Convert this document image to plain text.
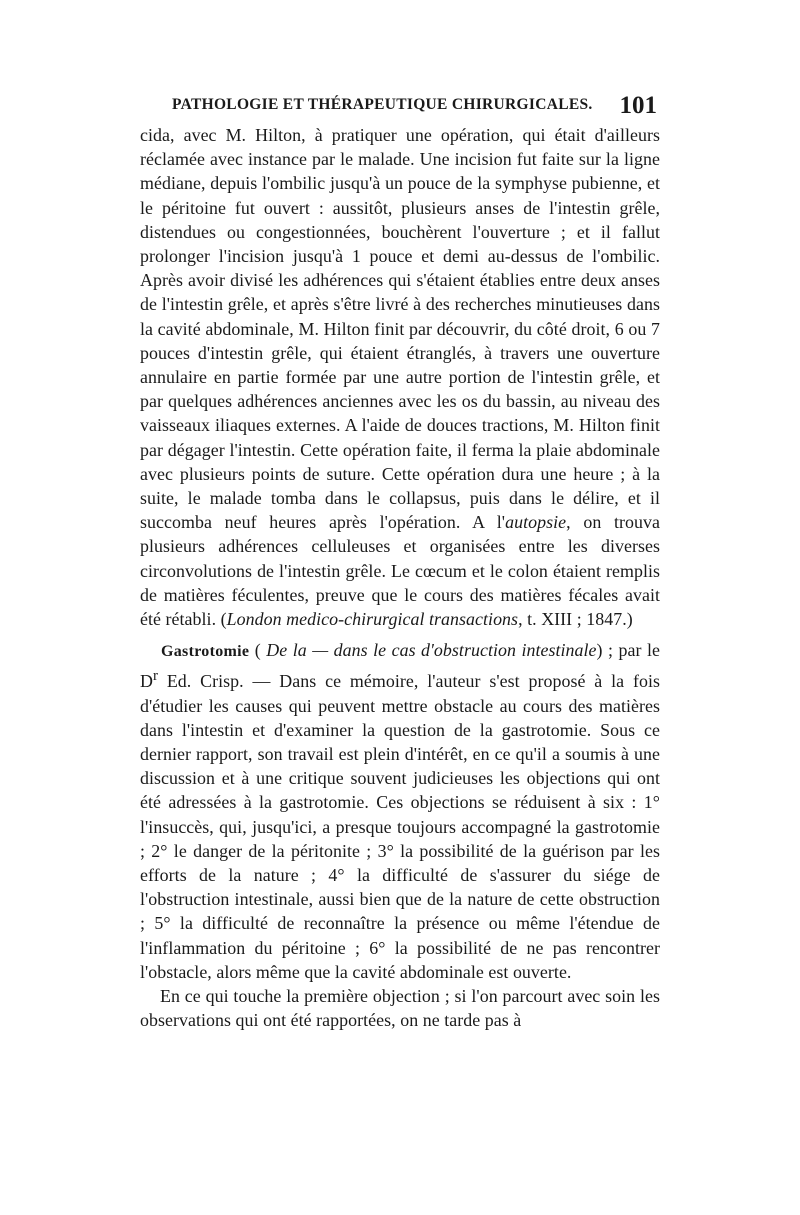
PATHOLOGIE ET THÉRAPEUTIQUE CHIRURGICALES. 101

cida, avec M. Hilton, à pratiquer une opération, qui était d'ailleurs réclamée avec instance par le malade. Une incision fut faite sur la ligne médiane, depuis l'ombilic jusqu'à un pouce de la symphyse pubienne, et le péritoine fut ouvert : aussitôt, plusieurs anses de l'intestin grêle, distendues ou congestionnées, bouchèrent l'ouverture ; et il fallut prolonger l'incision jusqu'à 1 pouce et demi au-dessus de l'ombilic. Après avoir divisé les adhérences qui s'étaient établies entre deux anses de l'intestin grêle, et après s'être livré à des recherches minutieuses dans la cavité abdominale, M. Hilton finit par découvrir, du côté droit, 6 ou 7 pouces d'intestin grêle, qui étaient étranglés, à travers une ouverture annulaire en partie formée par une autre portion de l'intestin grêle, et par quelques adhérences anciennes avec les os du bassin, au niveau des vaisseaux iliaques externes. A l'aide de douces tractions, M. Hilton finit par dégager l'intestin. Cette opération faite, il ferma la plaie abdominale avec plusieurs points de suture. Cette opération dura une heure ; à la suite, le malade tomba dans le collapsus, puis dans le délire, et il succomba neuf heures après l'opération. A l'autopsie, on trouva plusieurs adhérences celluleuses et organisées entre les diverses circonvolutions de l'intestin grêle. Le cœcum et le colon étaient remplis de matières féculentes, preuve que le cours des matières fécales avait été rétabli. (London medico-chirurgical transactions, t. XIII ; 1847.)

Gastrotomie ( De la — dans le cas d'obstruction intestinale) ; par le $D^r$ Ed. Crisp. — Dans ce mémoire, l'auteur s'est proposé à la fois d'étudier les causes qui peuvent mettre obstacle au cours des matières dans l'intestin et d'examiner la question de la gastrotomie. Sous ce dernier rapport, son travail est plein d'intérêt, en ce qu'il a soumis à une discussion et à une critique souvent judicieuses les objections qui ont été adressées à la gastrotomie. Ces objections se réduisent à six : 1° l'insuccès, qui, jusqu'ici, a presque toujours accompagné la gastrotomie ; 2° le danger de la péritonite ; 3° la possibilité de la guérison par les efforts de la nature ; 4° la difficulté de s'assurer du siége de l'obstruction intestinale, aussi bien que de la nature de cette obstruction ; 5° la difficulté de reconnaître la présence ou même l'étendue de l'inflammation du péritoine ; 6° la possibilité de ne pas rencontrer l'obstacle, alors même que la cavité abdominale est ouverte.

En ce qui touche la première objection ; si l'on parcourt avec soin les observations qui ont été rapportées, on ne tarde pas à
